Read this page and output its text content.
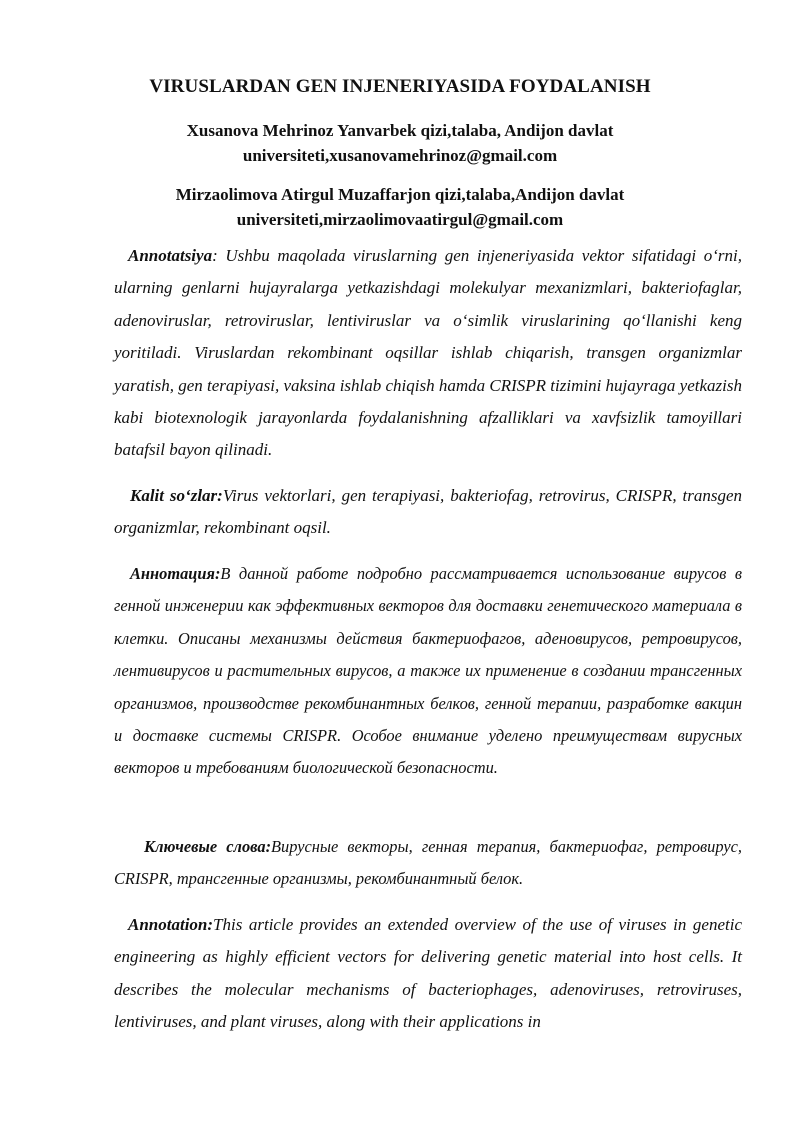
VIRUSLARDAN GEN INJENERIYASIDA FOYDALANISH
Xusanova Mehrinoz Yanvarbek qizi,talaba, Andijon davlat
universiteti,xusanovamehrinoz@gmail.com
Mirzaolimova Atirgul Muzaffarjon qizi,talaba,Andijon davlat
universiteti,mirzaolimovaatirgul@gmail.com
Annotatsiya: Ushbu maqolada viruslarning gen injeneriyasida vektor sifatidagi o‘rni, ularning genlarni hujayralarga yetkazishdagi molekulyar mexanizmlari, bakteriofaglar, adenoviruslar, retroviruslar, lentiviruslar va o‘simlik viruslarining qo‘llanishi keng yoritiladi. Viruslardan rekombinant oqsillar ishlab chiqarish, transgen organizmlar yaratish, gen terapiyasi, vaksina ishlab chiqish hamda CRISPR tizimini hujayraga yetkazish kabi biotexnologik jarayonlarda foydalanishning afzalliklari va xavfsizlik tamoyillari batafsil bayon qilinadi.
Kalit so‘zlar:Virus vektorlari, gen terapiyasi, bakteriofag, retrovirus, CRISPR, transgen organizmlar, rekombinant oqsil.
Аннотация:В данной работе подробно рассматривается использование вирусов в генной инженерии как эффективных векторов для доставки генетического материала в клетки. Описаны механизмы действия бактериофагов, аденовирусов, ретровирусов, лентивирусов и растительных вирусов, а также их применение в создании трансгенных организмов, производстве рекомбинантных белков, генной терапии, разработке вакцин и доставке системы CRISPR. Особое внимание уделено преимуществам вирусных векторов и требованиям биологической безопасности.
Ключевые слова:Вирусные векторы, генная терапия, бактериофаг, ретровирус, CRISPR, трансгенные организмы, рекомбинантный белок.
Annotation:This article provides an extended overview of the use of viruses in genetic engineering as highly efficient vectors for delivering genetic material into host cells. It describes the molecular mechanisms of bacteriophages, adenoviruses, retroviruses, lentiviruses, and plant viruses, along with their applications in
